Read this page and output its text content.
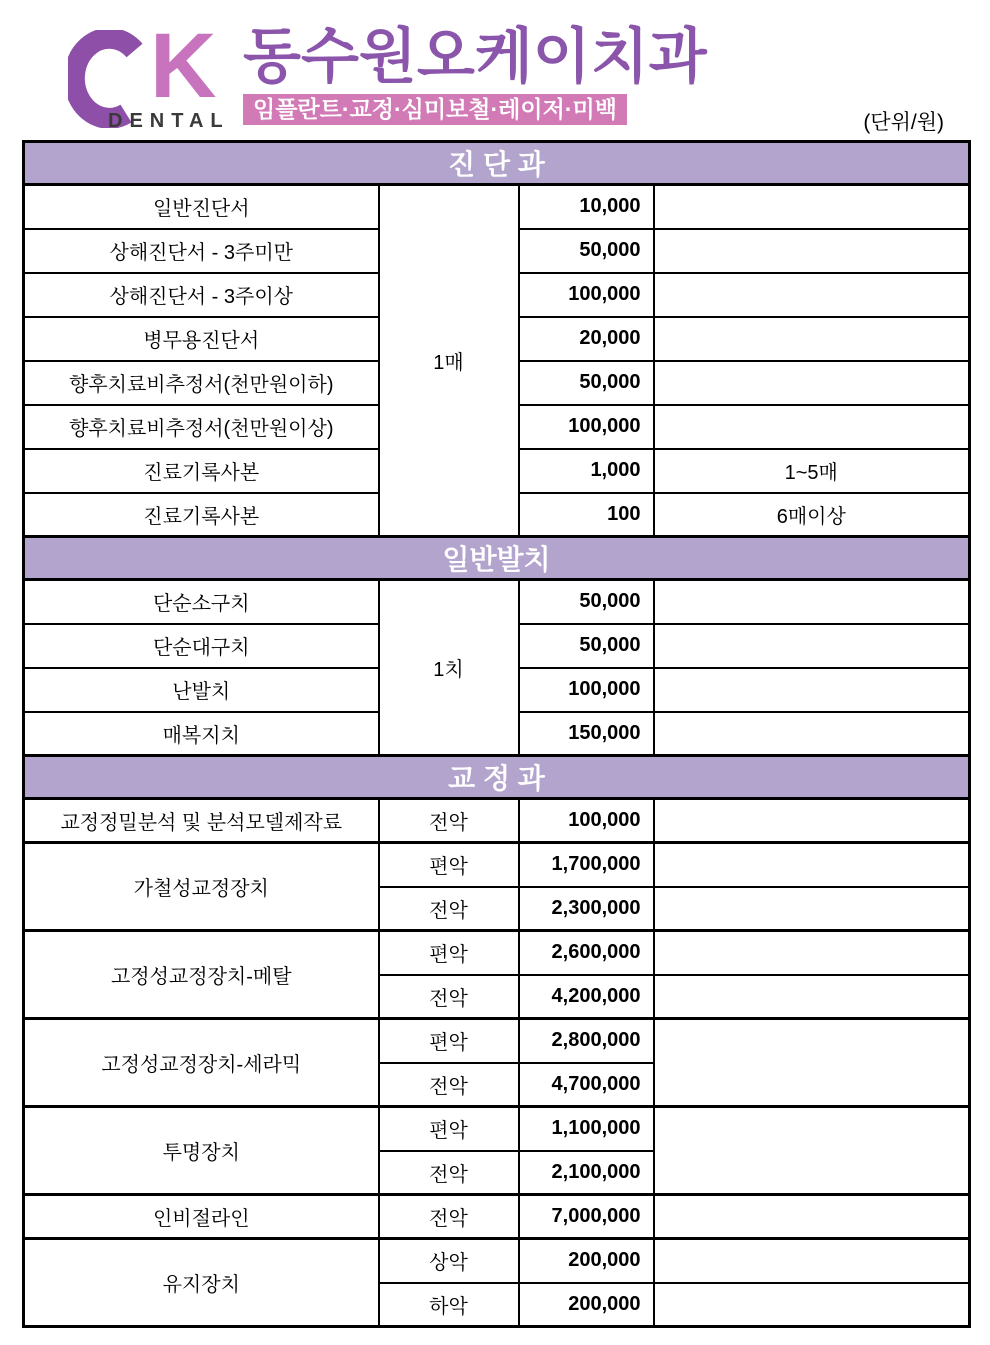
K
DENTAL
동수원오케이치과
임플란트·교정·심미보철·레이저·미백
(단위/원)
진 단 과			
일반진단서	1매	10,000	
상해진단서 - 3주미만		50,000	
상해진단서 - 3주이상		100,000	
병무용진단서		20,000	
향후치료비추정서(천만원이하)		50,000	
향후치료비추정서(천만원이상)		100,000	
진료기록사본		1,000	1~5매
진료기록사본		100	6매이상
일반발치			
단순소구치	1치	50,000	
단순대구치		50,000	
난발치		100,000	
매복지치		150,000	
교 정 과			
교정정밀분석 및 분석모델제작료	전악	100,000	
가철성교정장치	편악	1,700,000	
	전악	2,300,000	
고정성교정장치-메탈	편악	2,600,000	
	전악	4,200,000	
고정성교정장치-세라믹	편악	2,800,000	
	전악	4,700,000	
투명장치	편악	1,100,000	
	전악	2,100,000	
인비절라인	전악	7,000,000	
유지장치	상악	200,000	
	하악	200,000	
